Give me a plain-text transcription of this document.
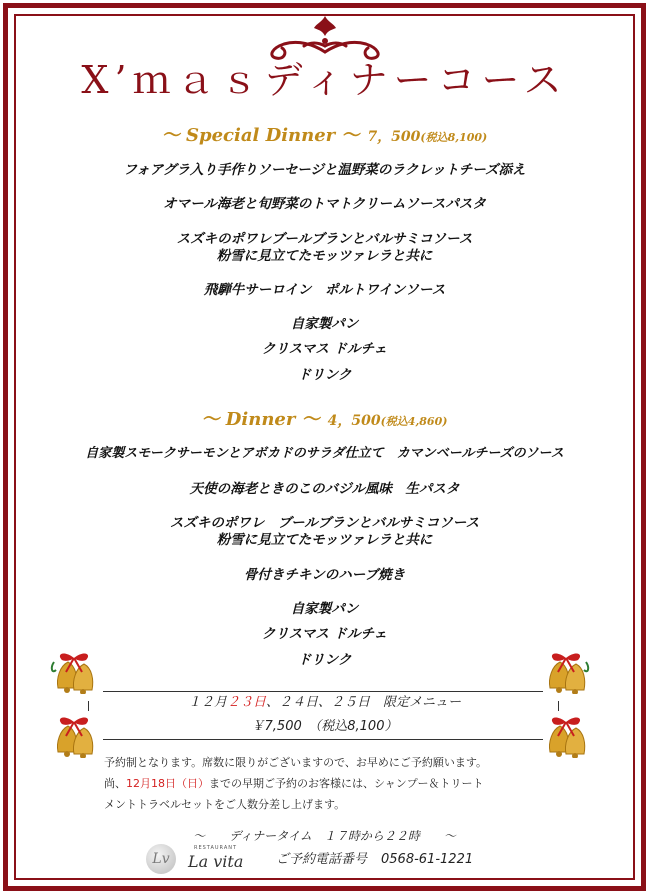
X’ｍａｓディナーコース
～ Special Dinner ～ 7，500(税込8,100)
フォアグラ入り手作りソーセージと温野菜のラクレットチーズ添え
オマール海老と旬野菜のトマトクリームソースパスタ
スズキのポワレブールブランとバルサミコソース
粉雪に見立てたモッツァレラと共に
飛騨牛サーロイン　ポルトワインソース
自家製パン
クリスマス ドルチェ
ドリンク
～ Dinner ～ 4，500(税込4,860)
自家製スモークサーモンとアボカドのサラダ仕立て　カマンベールチーズのソース
天使の海老ときのこのバジル風味　生パスタ
スズキのポワレ　ブールブランとバルサミコソース
粉雪に見立てたモッツァレラと共に
骨付きチキンのハーブ焼き
自家製パン
クリスマス ドルチェ
ドリンク
１２月２３日、２４日、２５日　限定メニュー
￥7,500　（税込8,100）
予約制となります。席数に限りがございますので、お早めにご予約願います。
尚、12月18日（日）までの早期ご予約のお客様には、シャンプー＆トリート
メントトラベルセットをご人数分差し上げます。
～　　ディナータイム　１７時から２２時　　～
Lv
RESTAURANT
La vita	ご予約電話番号 0568-61-1221
